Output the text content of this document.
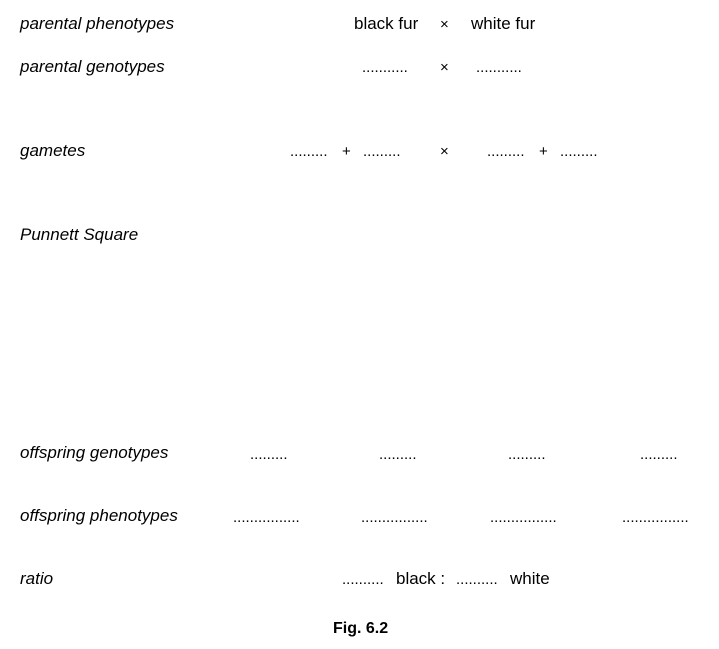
parental phenotypes	black fur × white fur
parental genotypes	........... × ...........
gametes	......... + .........	×	......... + .........
Punnett Square
offspring genotypes	.........	.........	.........	.........
offspring phenotypes	................	................	................	................
ratio	.......... black : .......... white
Fig. 6.2
